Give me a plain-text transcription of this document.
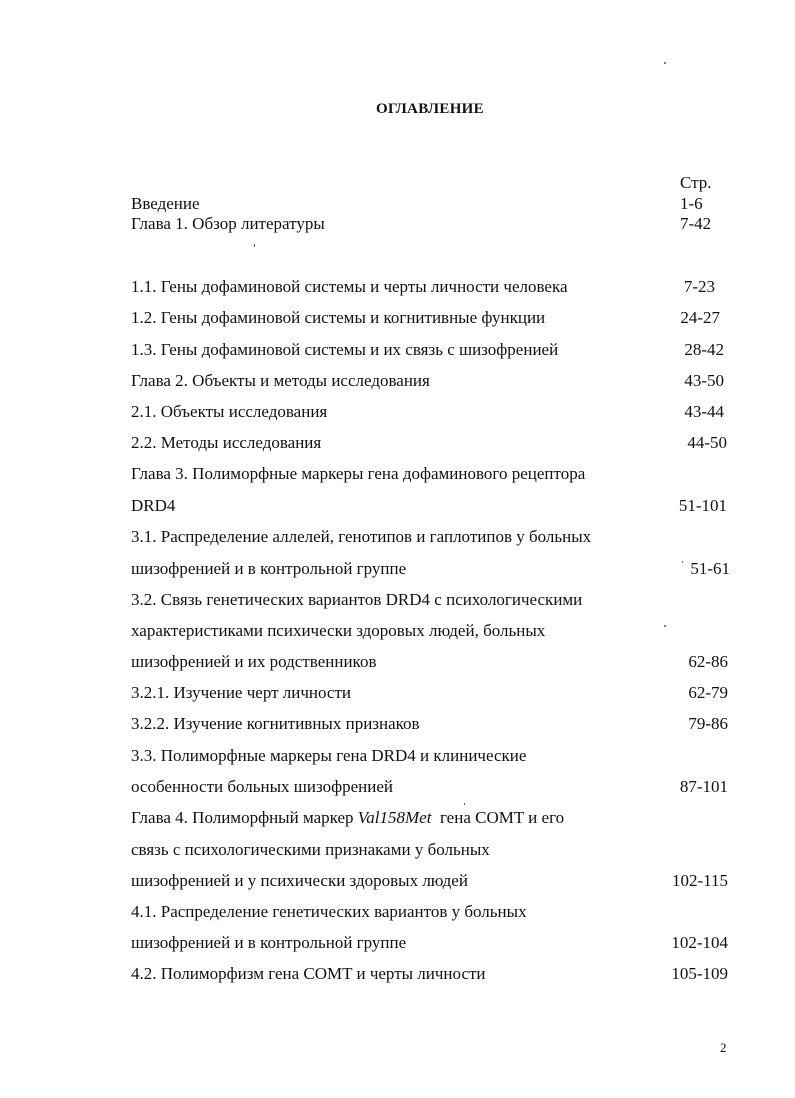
ОГЛАВЛЕНИЕ
Стр.
Введение	1-6
Глава 1. Обзор литературы	7-42
1.1. Гены дофаминовой системы и черты личности человека	7-23
1.2. Гены дофаминовой системы и когнитивные функции	24-27
1.3. Гены дофаминовой системы и их связь с шизофренией	28-42
Глава 2. Объекты и методы исследования	43-50
2.1. Объекты исследования	43-44
2.2. Методы исследования	44-50
Глава 3. Полиморфные маркеры гена дофаминового рецептора
DRD4	51-101
3.1. Распределение аллелей, генотипов и гаплотипов у больных
шизофренией и в контрольной группе	51-61
3.2. Связь генетических вариантов DRD4 с психологическими
характеристиками психически здоровых людей, больных
шизофренией и их родственников	62-86
3.2.1. Изучение черт личности	62-79
3.2.2. Изучение когнитивных признаков	79-86
3.3. Полиморфные маркеры гена DRD4 и клинические
особенности больных шизофренией	87-101
Глава 4. Полиморфный маркер Val158Met  гена COMT и его
связь с психологическими признаками у больных
шизофренией и у психически здоровых людей	102-115
4.1. Распределение генетических вариантов у больных
шизофренией и в контрольной группе	102-104
4.2. Полиморфизм гена COMT и черты личности	105-109
2
